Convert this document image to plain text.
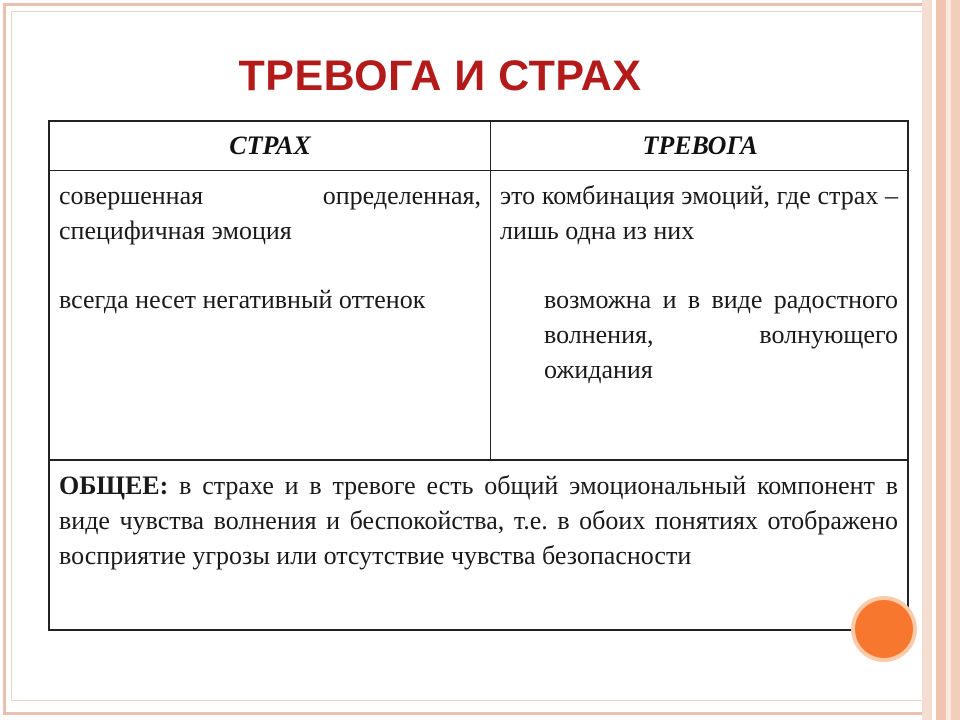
ТРЕВОГА И СТРАХ
СТРАХ	ТРЕВОГА

совершенная определенная, специфичная эмоция

всегда несет негативный оттенок

это комбинация эмоций, где страх – лишь одна из них

возможна и в виде радостного волнения, волнующего ожидания

ОБЩЕЕ: в страхе и в тревоге есть общий эмоциональный компонент в виде чувства волнения и беспокойства, т.е. в обоих понятиях отображено восприятие угрозы или отсутствие чувства безопасности
